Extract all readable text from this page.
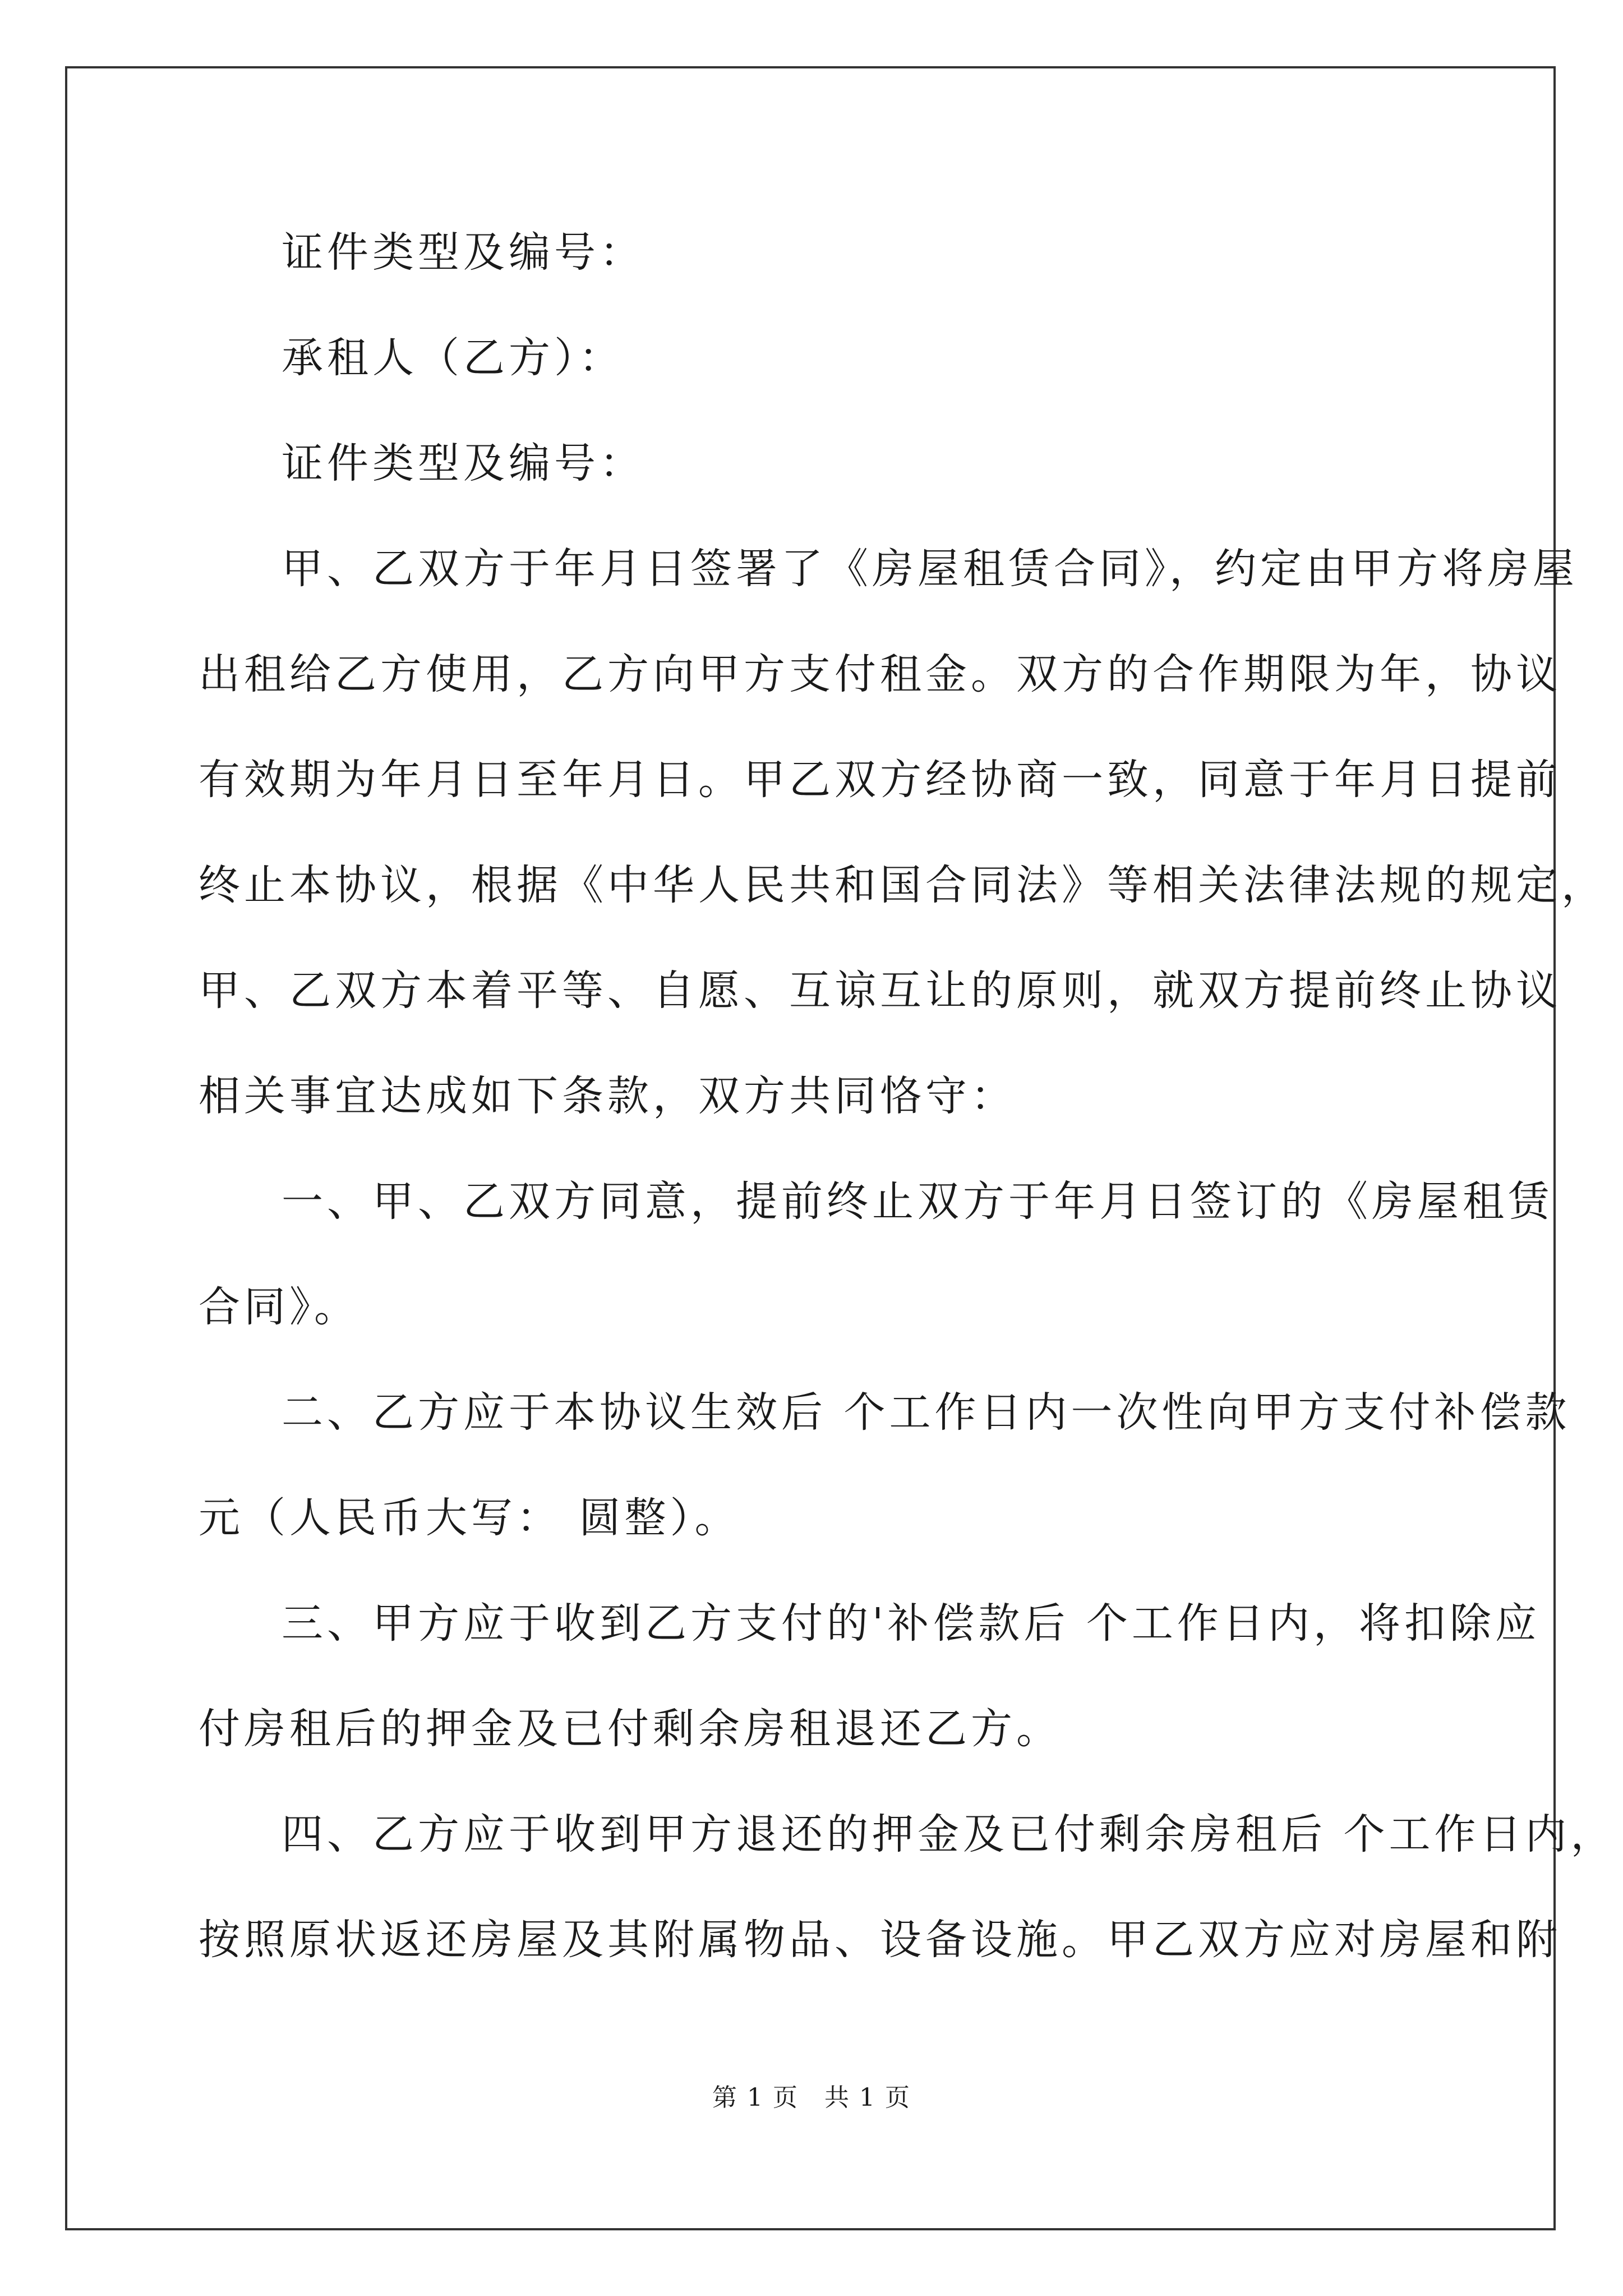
证件类型及编号：
承租人（乙方）：
证件类型及编号：
甲、乙双方于年月日签署了《房屋租赁合同》，约定由甲方将房屋
出租给乙方使用，乙方向甲方支付租金。双方的合作期限为年，协议
有效期为年月日至年月日。甲乙双方经协商一致，同意于年月日提前
终止本协议，根据《中华人民共和国合同法》等相关法律法规的规定，
甲、乙双方本着平等、自愿、互谅互让的原则，就双方提前终止协议
相关事宜达成如下条款，双方共同恪守：
一、甲、乙双方同意，提前终止双方于年月日签订的《房屋租赁
合同》。
二、乙方应于本协议生效后 个工作日内一次性向甲方支付补偿款
元（人民币大写： 圆整）。
三、甲方应于收到乙方支付的'补偿款后 个工作日内，将扣除应
付房租后的押金及已付剩余房租退还乙方。
四、乙方应于收到甲方退还的押金及已付剩余房租后 个工作日内，
按照原状返还房屋及其附属物品、设备设施。甲乙双方应对房屋和附
第 1 页　共 1 页
